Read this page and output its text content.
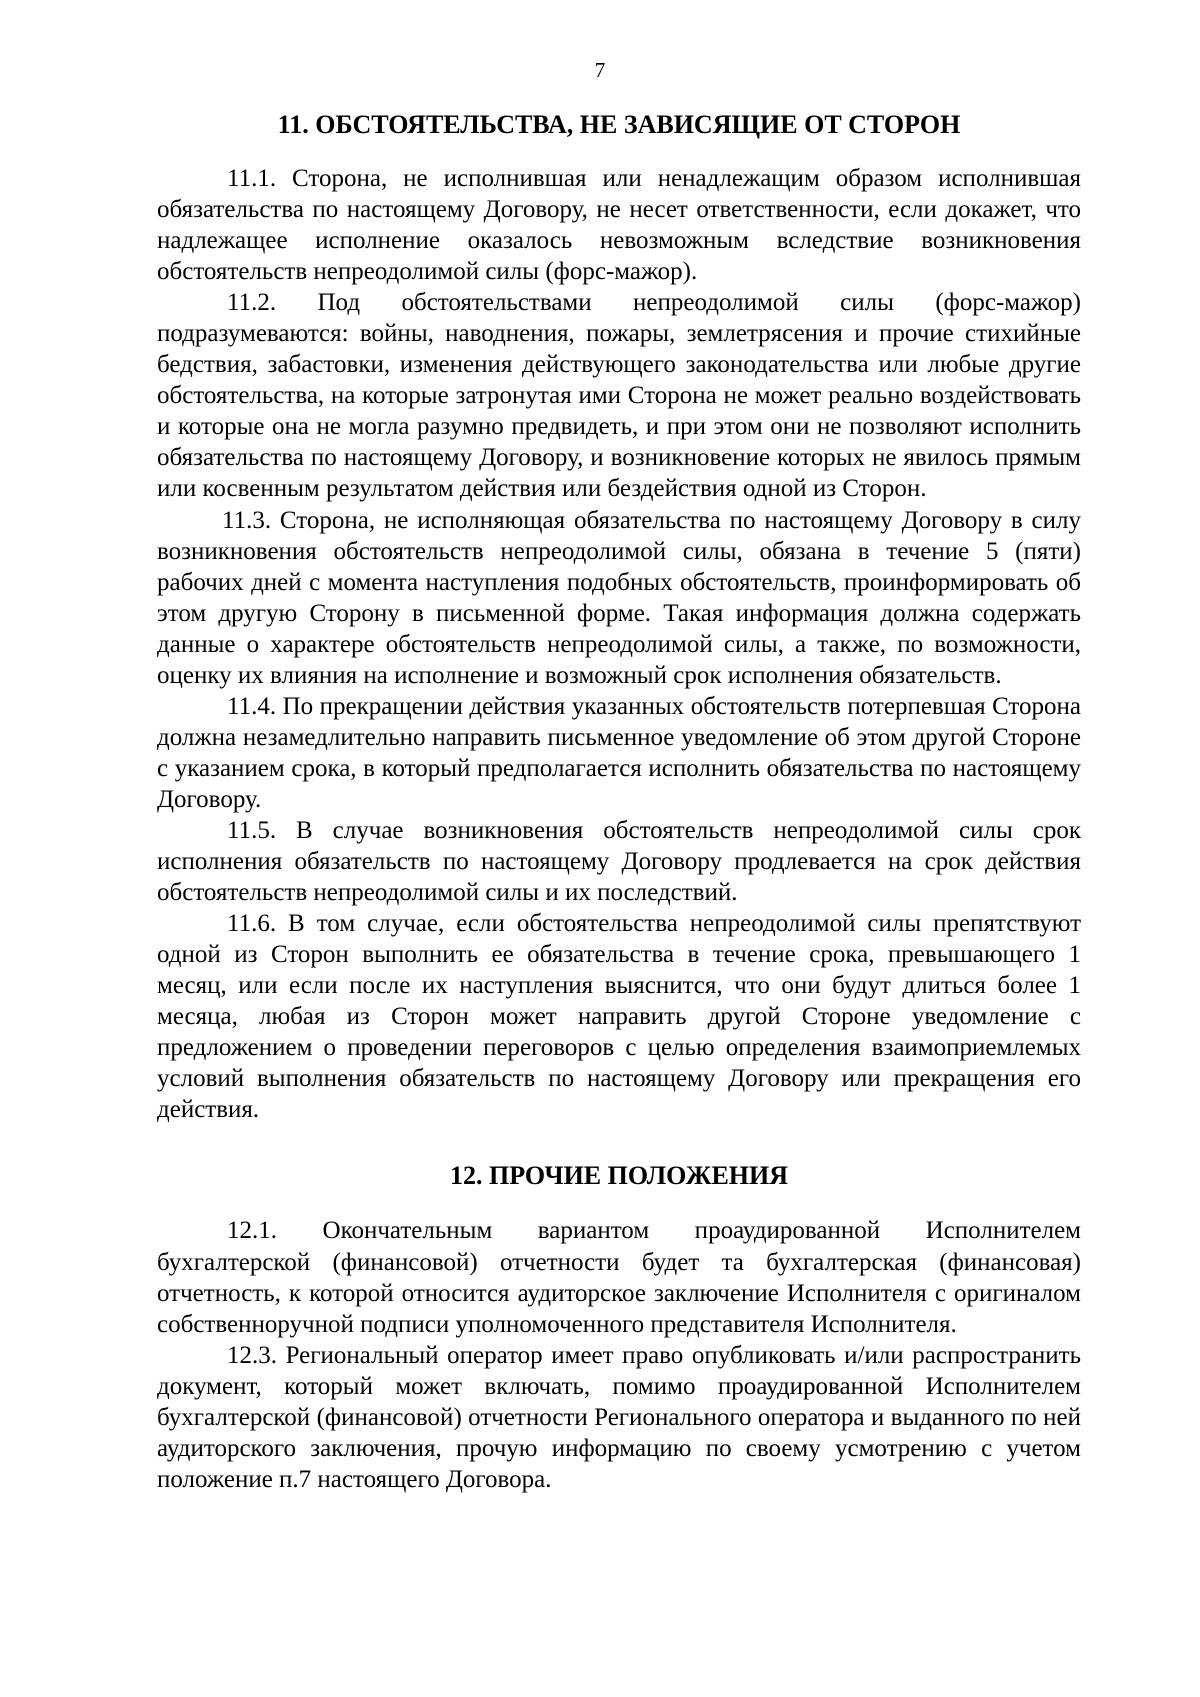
7
11. ОБСТОЯТЕЛЬСТВА, НЕ ЗАВИСЯЩИЕ ОТ СТОРОН

11.1. Сторона, не исполнившая или ненадлежащим образом исполнившая обязательства по настоящему Договору, не несет ответственности, если докажет, что надлежащее исполнение оказалось невозможным вследствие возникновения обстоятельств непреодолимой силы (форс-мажор).

11.2. Под обстоятельствами непреодолимой силы (форс-мажор) подразумеваются: войны, наводнения, пожары, землетрясения и прочие стихийные бедствия, забастовки, изменения действующего законодательства или любые другие обстоятельства, на которые затронутая ими Сторона не может реально воздействовать и которые она не могла разумно предвидеть, и при этом они не позволяют исполнить обязательства по настоящему Договору, и возникновение которых не явилось прямым или косвенным результатом действия или бездействия одной из Сторон.

11.3. Сторона, не исполняющая обязательства по настоящему Договору в силу возникновения обстоятельств непреодолимой силы, обязана в течение 5 (пяти) рабочих дней с момента наступления подобных обстоятельств, проинформировать об этом другую Сторону в письменной форме. Такая информация должна содержать данные о характере обстоятельств непреодолимой силы, а также, по возможности, оценку их влияния на исполнение и возможный срок исполнения обязательств.

11.4. По прекращении действия указанных обстоятельств потерпевшая Сторона должна незамедлительно направить письменное уведомление об этом другой Стороне с указанием срока, в который предполагается исполнить обязательства по настоящему Договору.

11.5. В случае возникновения обстоятельств непреодолимой силы срок исполнения обязательств по настоящему Договору продлевается на срок действия обстоятельств непреодолимой силы и их последствий.

11.6. В том случае, если обстоятельства непреодолимой силы препятствуют одной из Сторон выполнить ее обязательства в течение срока, превышающего 1 месяц, или если после их наступления выяснится, что они будут длиться более 1 месяца, любая из Сторон может направить другой Стороне уведомление с предложением о проведении переговоров с целью определения взаимоприемлемых условий выполнения обязательств по настоящему Договору или прекращения его действия.

12. ПРОЧИЕ ПОЛОЖЕНИЯ

12.1. Окончательным вариантом проаудированной Исполнителем бухгалтерской (финансовой) отчетности будет та бухгалтерская (финансовая) отчетность, к которой относится аудиторское заключение Исполнителя с оригиналом собственноручной подписи уполномоченного представителя Исполнителя.

12.3. Региональный оператор имеет право опубликовать и/или распространить документ, который может включать, помимо проаудированной Исполнителем бухгалтерской (финансовой) отчетности Регионального оператора и выданного по ней аудиторского заключения, прочую информацию по своему усмотрению с учетом положение п.7 настоящего Договора.
